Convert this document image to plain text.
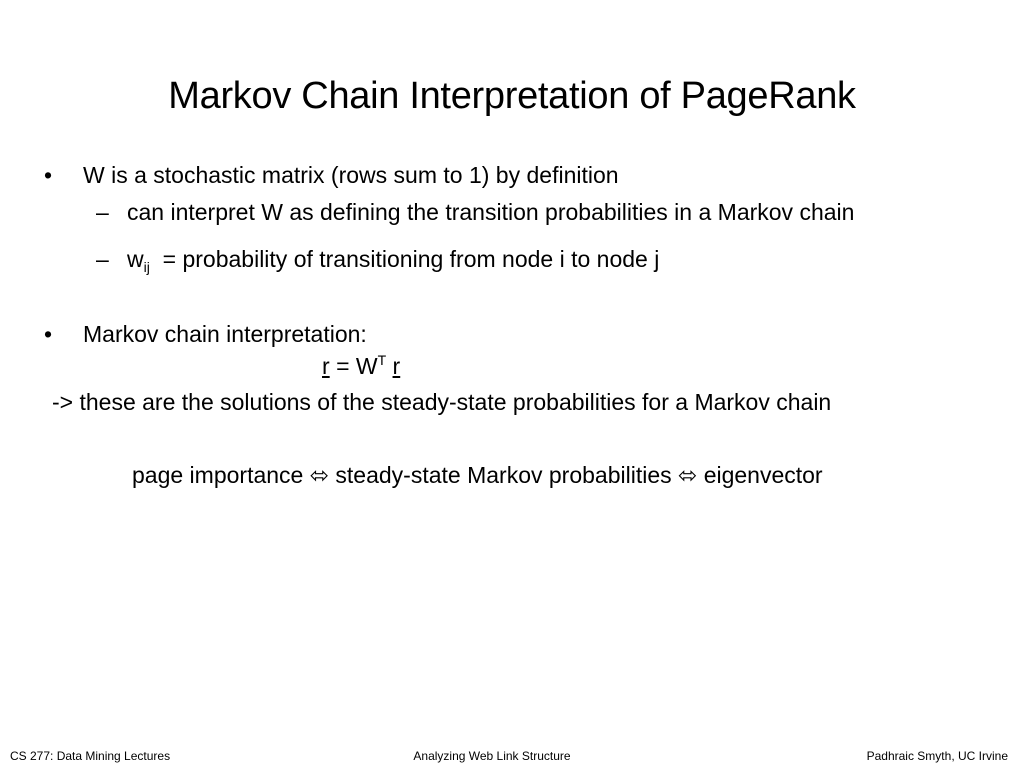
Markov Chain Interpretation of PageRank
• W is a stochastic matrix (rows sum to 1) by definition
– can interpret W as defining the transition probabilities in a Markov chain
– $w_{ij}$ = probability of transitioning from node i to node j
• Markov chain interpretation:
$r = W^T$ r
-> these are the solutions of the steady-state probabilities for a Markov chain
page importance ⬄ steady-state Markov probabilities ⬄ eigenvector
CS 277: Data Mining Lectures	Analyzing Web Link Structure	Padhraic Smyth, UC Irvine
